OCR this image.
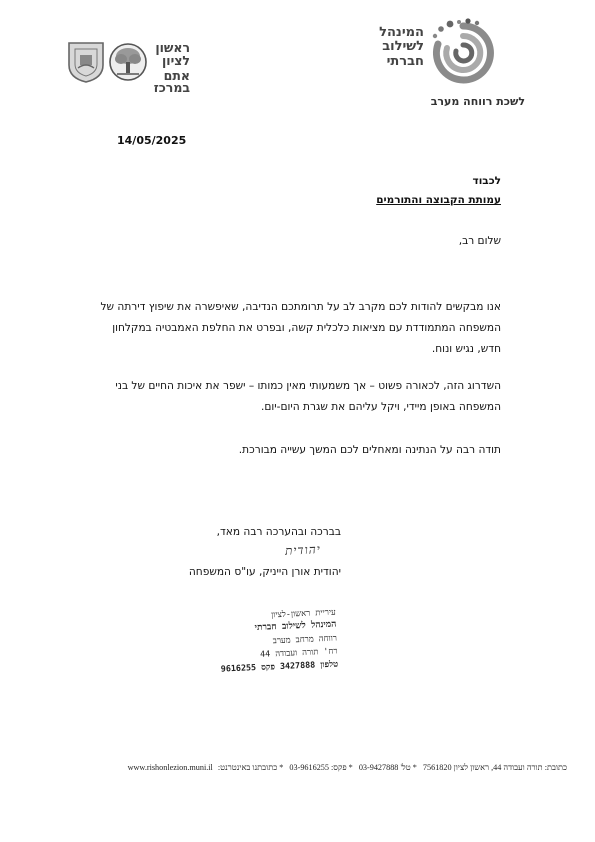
ראשון לציון
אתם במרכז
המינהל
לשילוב
חברתי
לשכת רווחה מערב
14/05/2025
לכבוד
עמותת הקבוצה והתורמים
שלום רב,
אנו מבקשים להודות לכם מקרב לב על תרומתכם הנדיבה, שאיפשרה את שיפוץ דירתה של
המשפחה המתמודדת עם מציאות כלכלית קשה, ובפרט את החלפת האמבטיה במקלחון
חדש, נגיש ונוח.
השדרוג הזה, לכאורה פשוט – אך משמעותי מאין כמותו – ישפר את איכות החיים של בני
המשפחה באופן מיידי, ויקל עליהם את שגרת היום-יום.
תודה רבה על הנתינה ומאחלים לכם המשך עשייה מבורכת.
בברכה ובהערכה רבה מאד,
יהודית
יהודית אורן הייניק, עו"ס המשפחה
עיריית ראשון-לציון
המינהל לשילוב חברתי
רווחה מרחב מערב
רח' תורה ועבודה 44
טלפון 3427888 פקס 9616255
כתובת: תורה ועבודה 44, ראשון לציון 7561820 * טל' 03-9427888 * פקס: 03-9616255 * כתובתנו באינטרנט: www.rishonlezion.muni.il
